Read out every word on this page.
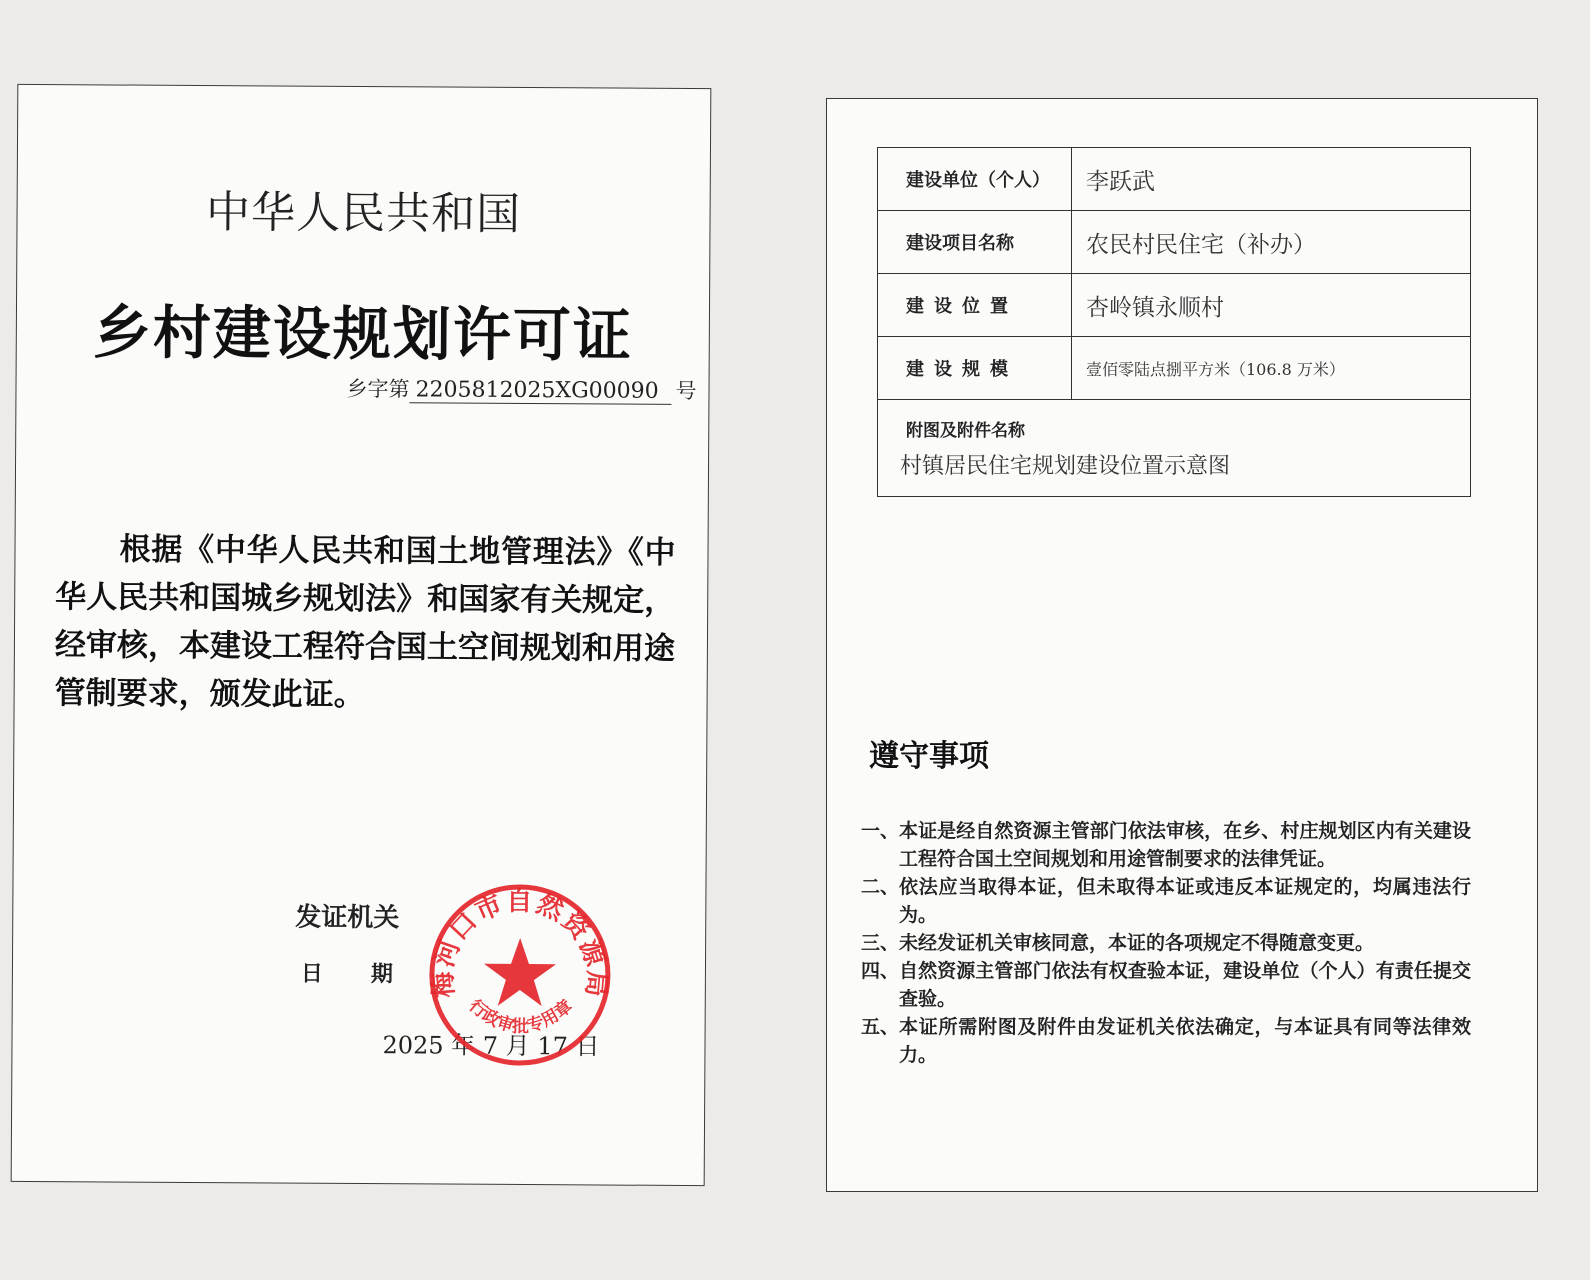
中华人民共和国
乡村建设规划许可证
乡字第 2205812025XG00090 号
根据《中华人民共和国土地管理法》《中华人民共和国城乡规划法》和国家有关规定，经审核，本建设工程符合国土空间规划和用途管制要求，颁发此证。
发证机关
日期
2025 年 7 月 17 日
梅河口市自然资源局
行政审批专用章
建设单位（个人）	李跃武
建设项目名称	农民村民住宅（补办）
建设位置	杏岭镇永顺村
建设规模	壹佰零陆点捌平方米（106.8 万米）

附图及附件名称
村镇居民住宅规划建设位置示意图	
遵守事项
一、 本证是经自然资源主管部门依法审核，在乡、村庄规划区内有关建设工程符合国土空间规划和用途管制要求的法律凭证。
二、 依法应当取得本证，但未取得本证或违反本证规定的，均属违法行为。
三、 未经发证机关审核同意，本证的各项规定不得随意变更。
四、 自然资源主管部门依法有权查验本证，建设单位（个人）有责任提交查验。
五、 本证所需附图及附件由发证机关依法确定，与本证具有同等法律效力。
